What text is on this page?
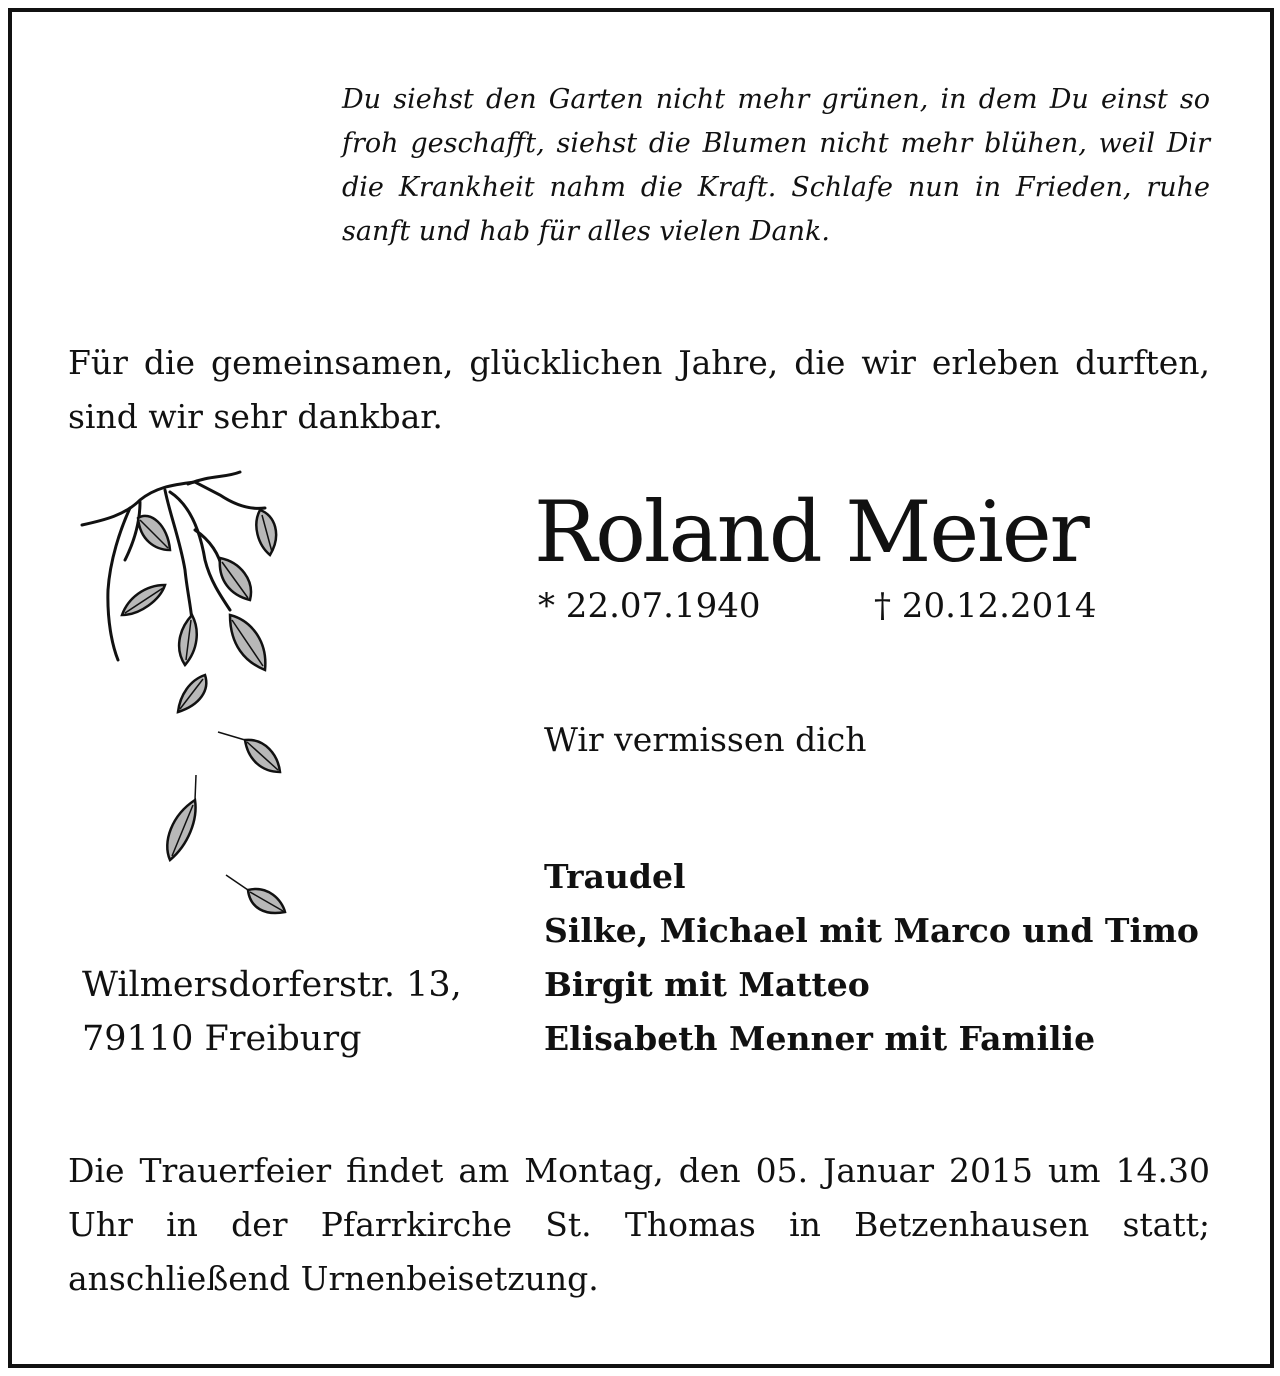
Du siehst den Garten nicht mehr grünen, in dem Du einst so froh geschafft, siehst die Blumen nicht mehr blühen, weil Dir die Krankheit nahm die Kraft. Schlafe nun in Frieden, ruhe sanft und hab für alles vielen Dank.

Für die gemeinsamen, glücklichen Jahre, die wir erleben durften, sind wir sehr dankbar.

Roland Meier
* 22.07.1940	† 20.12.2014

Wir vermissen dich

Traudel
Silke, Michael mit Marco und Timo
Birgit mit Matteo
Elisabeth Menner mit Familie
Wilmersdorferstr. 13,
79110 Freiburg

Die Trauerfeier findet am Montag, den 05. Januar 2015 um 14.30 Uhr in der Pfarrkirche St. Thomas in Betzenhausen statt; anschließend Urnenbeisetzung.
